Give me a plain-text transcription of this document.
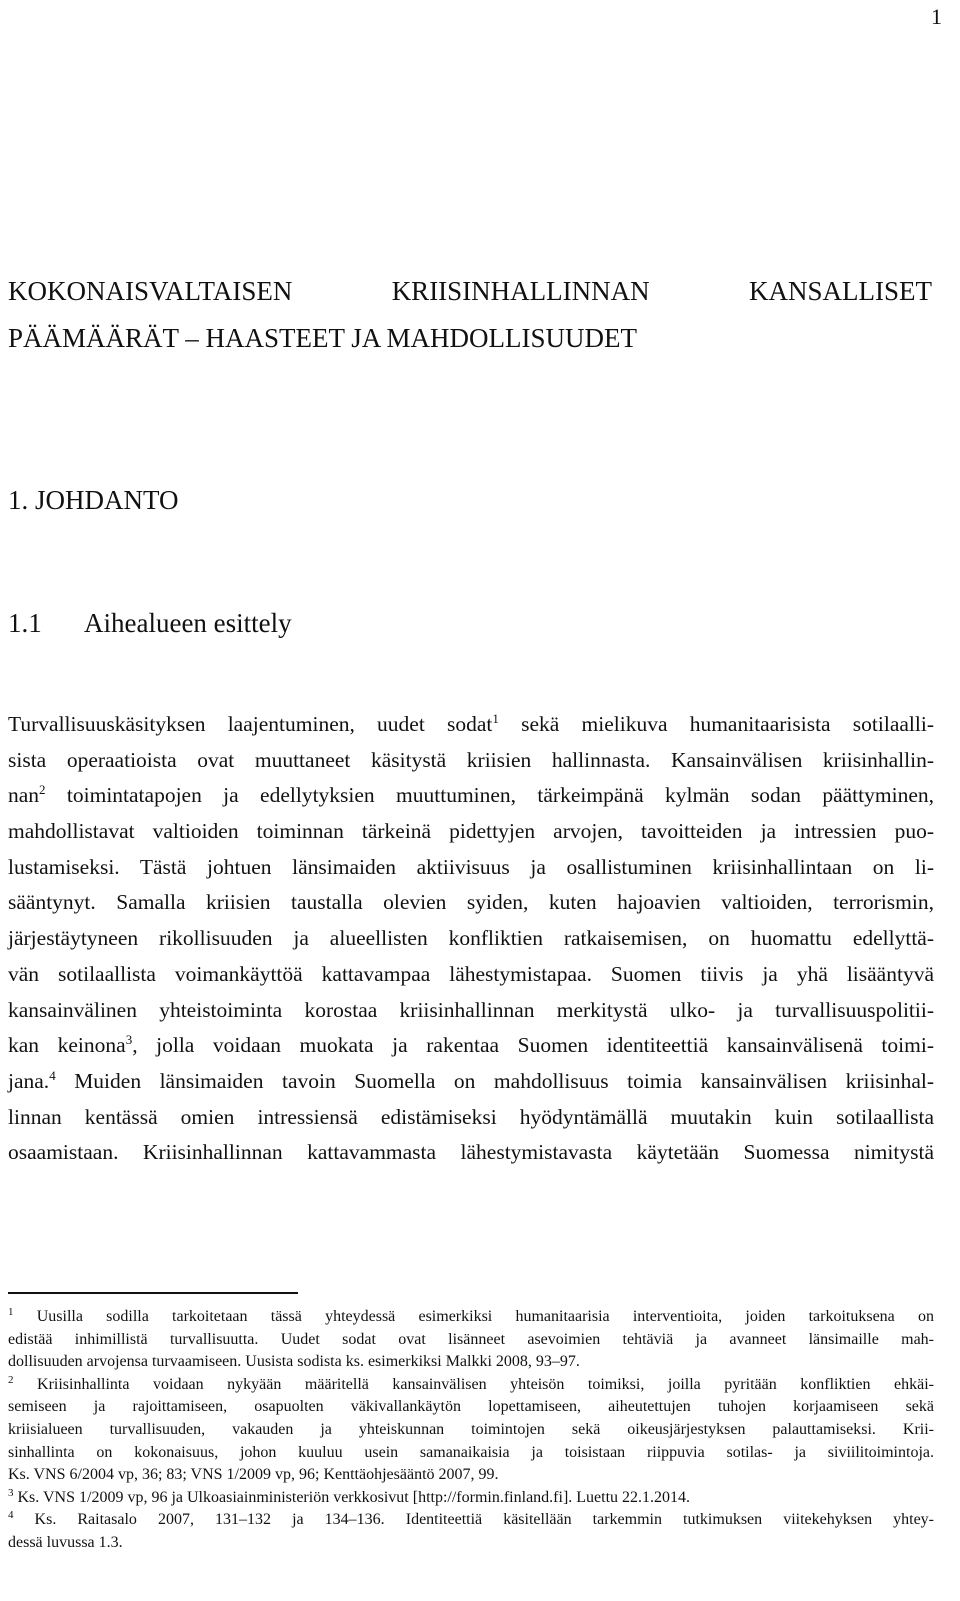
1
KOKONAISVALTAISEN	KRIISINHALLINNAN	KANSALLISET
PÄÄMÄÄRÄT – HAASTEET JA MAHDOLLISUUDET
1. JOHDANTO
1.1 Aihealueen esittely
Turvallisuuskäsityksen laajentuminen, uudet sodat$^1$ sekä mielikuva humanitaarisista sotilaalli-
sista operaatioista ovat muuttaneet käsitystä kriisien hallinnasta. Kansainvälisen kriisinhallin-
nan$^2$ toimintatapojen ja edellytyksien muuttuminen, tärkeimpänä kylmän sodan päättyminen,
mahdollistavat valtioiden toiminnan tärkeinä pidettyjen arvojen, tavoitteiden ja intressien puo-
lustamiseksi. Tästä johtuen länsimaiden aktiivisuus ja osallistuminen kriisinhallintaan on li-
sääntynyt. Samalla kriisien taustalla olevien syiden, kuten hajoavien valtioiden, terrorismin,
järjestäytyneen rikollisuuden ja alueellisten konfliktien ratkaisemisen, on huomattu edellyttä-
vän sotilaallista voimankäyttöä kattavampaa lähestymistapaa. Suomen tiivis ja yhä lisääntyvä
kansainvälinen yhteistoiminta korostaa kriisinhallinnan merkitystä ulko- ja turvallisuuspolitii-
kan keinona$^3$, jolla voidaan muokata ja rakentaa Suomen identiteettiä kansainvälisenä toimi-
jana.$^4$ Muiden länsimaiden tavoin Suomella on mahdollisuus toimia kansainvälisen kriisinhal-
linnan kentässä omien intressiensä edistämiseksi hyödyntämällä muutakin kuin sotilaallista
osaamistaan. Kriisinhallinnan kattavammasta lähestymistavasta käytetään Suomessa nimitystä
$^1$ Uusilla sodilla tarkoitetaan tässä yhteydessä esimerkiksi humanitaarisia interventioita, joiden tarkoituksena on
edistää inhimillistä turvallisuutta. Uudet sodat ovat lisänneet asevoimien tehtäviä ja avanneet länsimaille mah-
dollisuuden arvojensa turvaamiseen. Uusista sodista ks. esimerkiksi Malkki 2008, 93–97.
$^2$ Kriisinhallinta voidaan nykyään määritellä kansainvälisen yhteisön toimiksi, joilla pyritään konfliktien ehkäi-
semiseen ja rajoittamiseen, osapuolten väkivallankäytön lopettamiseen, aiheutettujen tuhojen korjaamiseen sekä
kriisialueen turvallisuuden, vakauden ja yhteiskunnan toimintojen sekä oikeusjärjestyksen palauttamiseksi. Krii-
sinhallinta on kokonaisuus, johon kuuluu usein samanaikaisia ja toisistaan riippuvia sotilas- ja siviilitoimintoja.
Ks. VNS 6/2004 vp, 36; 83; VNS 1/2009 vp, 96; Kenttäohjesääntö 2007, 99.
$^3$ Ks. VNS 1/2009 vp, 96 ja Ulkoasiainministeriön verkkosivut [http://formin.finland.fi]. Luettu 22.1.2014.
$^4$ Ks. Raitasalo 2007, 131–132 ja 134–136. Identiteettiä käsitellään tarkemmin tutkimuksen viitekehyksen yhtey-
dessä luvussa 1.3.
